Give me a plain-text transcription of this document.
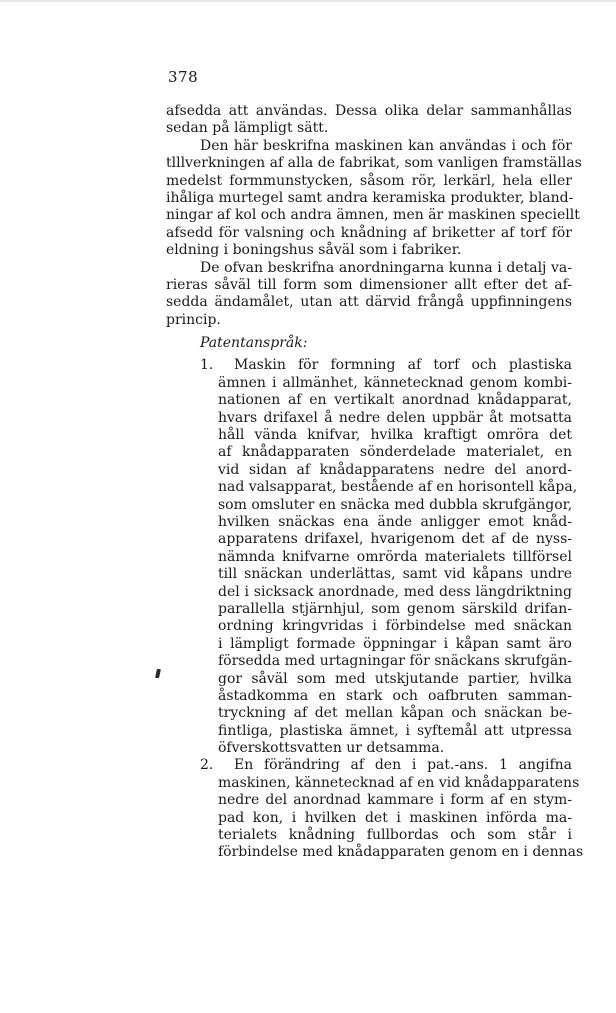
378
afsedda att användas. Dessa olika delar sammanhållas
sedan på lämpligt sätt.
Den här beskrifna maskinen kan användas i och för
tlllverkningen af alla de fabrikat, som vanligen framställas
medelst formmunstycken, såsom rör, lerkärl, hela eller
ihåliga murtegel samt andra keramiska produkter, bland-
ningar af kol och andra ämnen, men är maskinen speciellt
afsedd för valsning och knådning af briketter af torf för
eldning i boningshus såväl som i fabriker.
De ofvan beskrifna anordningarna kunna i detalj va-
rieras såväl till form som dimensioner allt efter det af-
sedda ändamålet, utan att därvid frångå uppfinningens
princip.
Patentanspråk:
1. Maskin för formning af torf och plastiska
ämnen i allmänhet, kännetecknad genom kombi-
nationen af en vertikalt anordnad knådapparat,
hvars drifaxel å nedre delen uppbär åt motsatta
håll vända knifvar, hvilka kraftigt omröra det
af knådapparaten sönderdelade materialet, en
vid sidan af knådapparatens nedre del anord-
nad valsapparat, bestående af en horisontell kåpa,
som omsluter en snäcka med dubbla skrufgängor,
hvilken snäckas ena ände anligger emot knåd-
apparatens drifaxel, hvarigenom det af de nyss-
nämnda knifvarne omrörda materialets tillförsel
till snäckan underlättas, samt vid kåpans undre
del i sicksack anordnade, med dess längdriktning
parallella stjärnhjul, som genom särskild drifan-
ordning kringvridas i förbindelse med snäckan
i lämpligt formade öppningar i kåpan samt äro
försedda med urtagningar för snäckans skrufgän-
gor såväl som med utskjutande partier, hvilka
åstadkomma en stark och oafbruten samman-
tryckning af det mellan kåpan och snäckan be-
fintliga, plastiska ämnet, i syftemål att utpressa
öfverskottsvatten ur detsamma.
2. En förändring af den i pat.-ans. 1 angifna
maskinen, kännetecknad af en vid knådapparatens
nedre del anordnad kammare i form af en stym-
pad kon, i hvilken det i maskinen införda ma-
terialets knådning fullbordas och som står i
förbindelse med knådapparaten genom en i dennas
